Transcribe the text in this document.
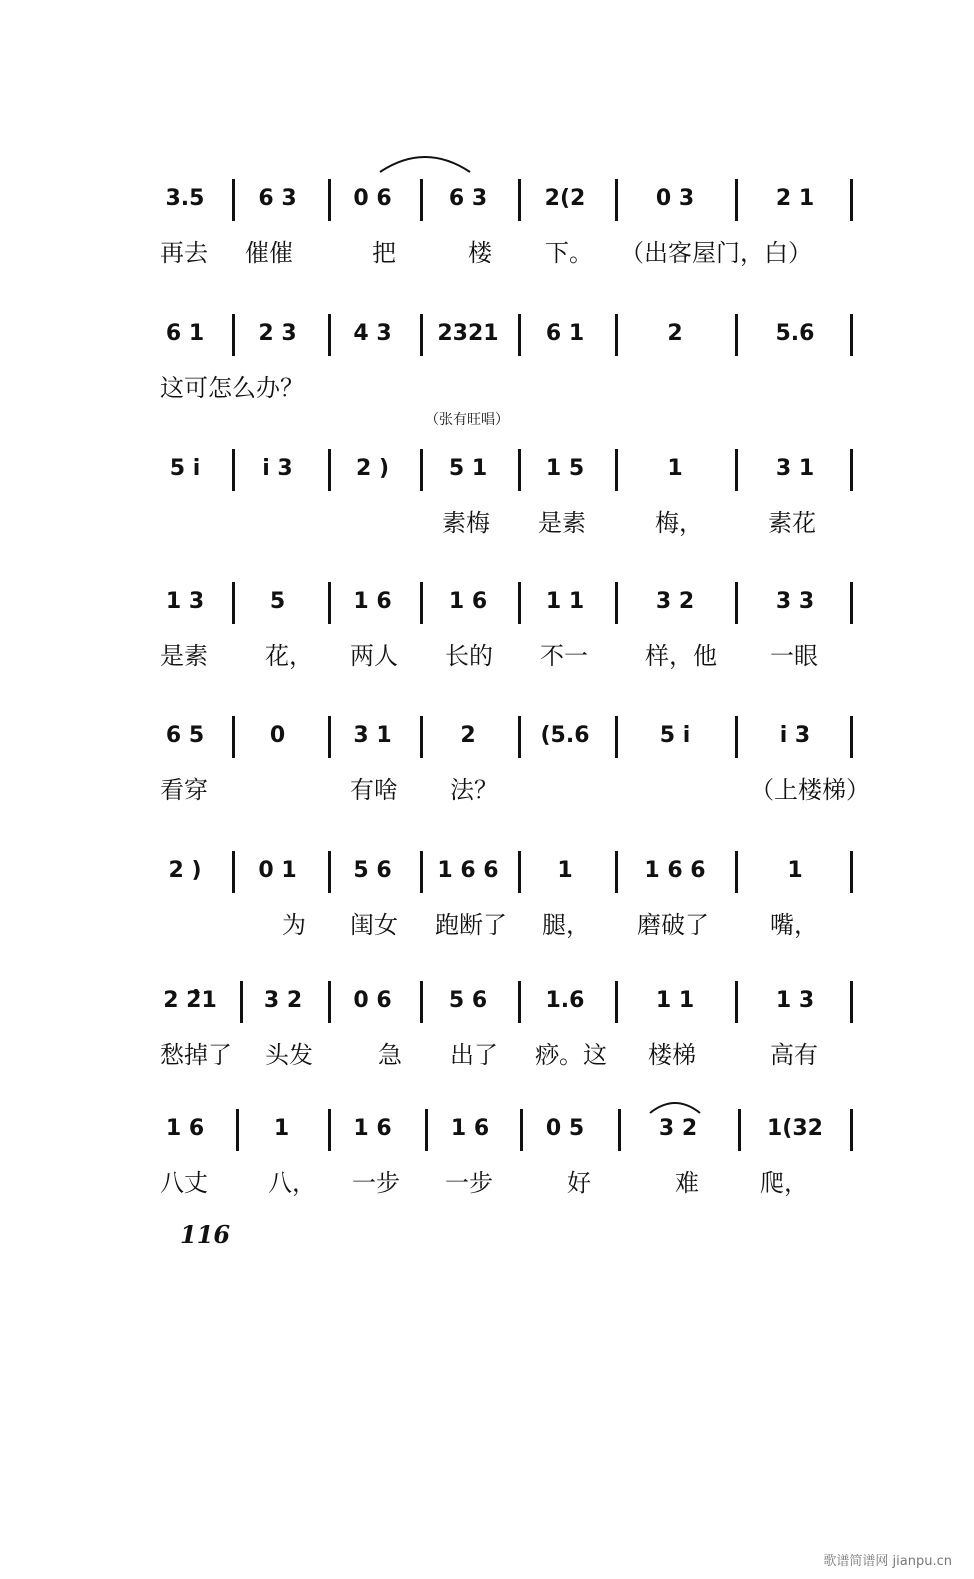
3.5	6 3	0 6	6 3	2(2	0 3	2 1
再去 催催	把	楼 下。 （出客屋门，白）
6 1	2 3	4 3	2321	6 1	2	5.6
这可怎么办？
（张有旺唱）
5 i	i 3	2 )	5 1	1 5	1	3 1
素梅 是素	梅，	素花
1 3	5	1 6	1 6	1 1	3 2	3 3
是素 花， 两人 长的 不一 样，他 一眼
6 5	0	3 1	2	(5.6	5 i	i 3
看穿	有啥 法？	（上楼梯）
2 )	0 1	5 6	1 6 6	1	1 6 6	1
为 闺女 跑断了 腿， 磨破了	嘴，
2 2̂1	3 2	0 6	5 6	1.6	1 1	1 3
愁掉了 头发	急 出了 痧。这 楼梯	高有
1 6	1	1 6	1 6	0 5	3 2	1(32
八丈	八， 一步 一步	好	难	爬，
116
歌谱简谱网 jianpu.cn
